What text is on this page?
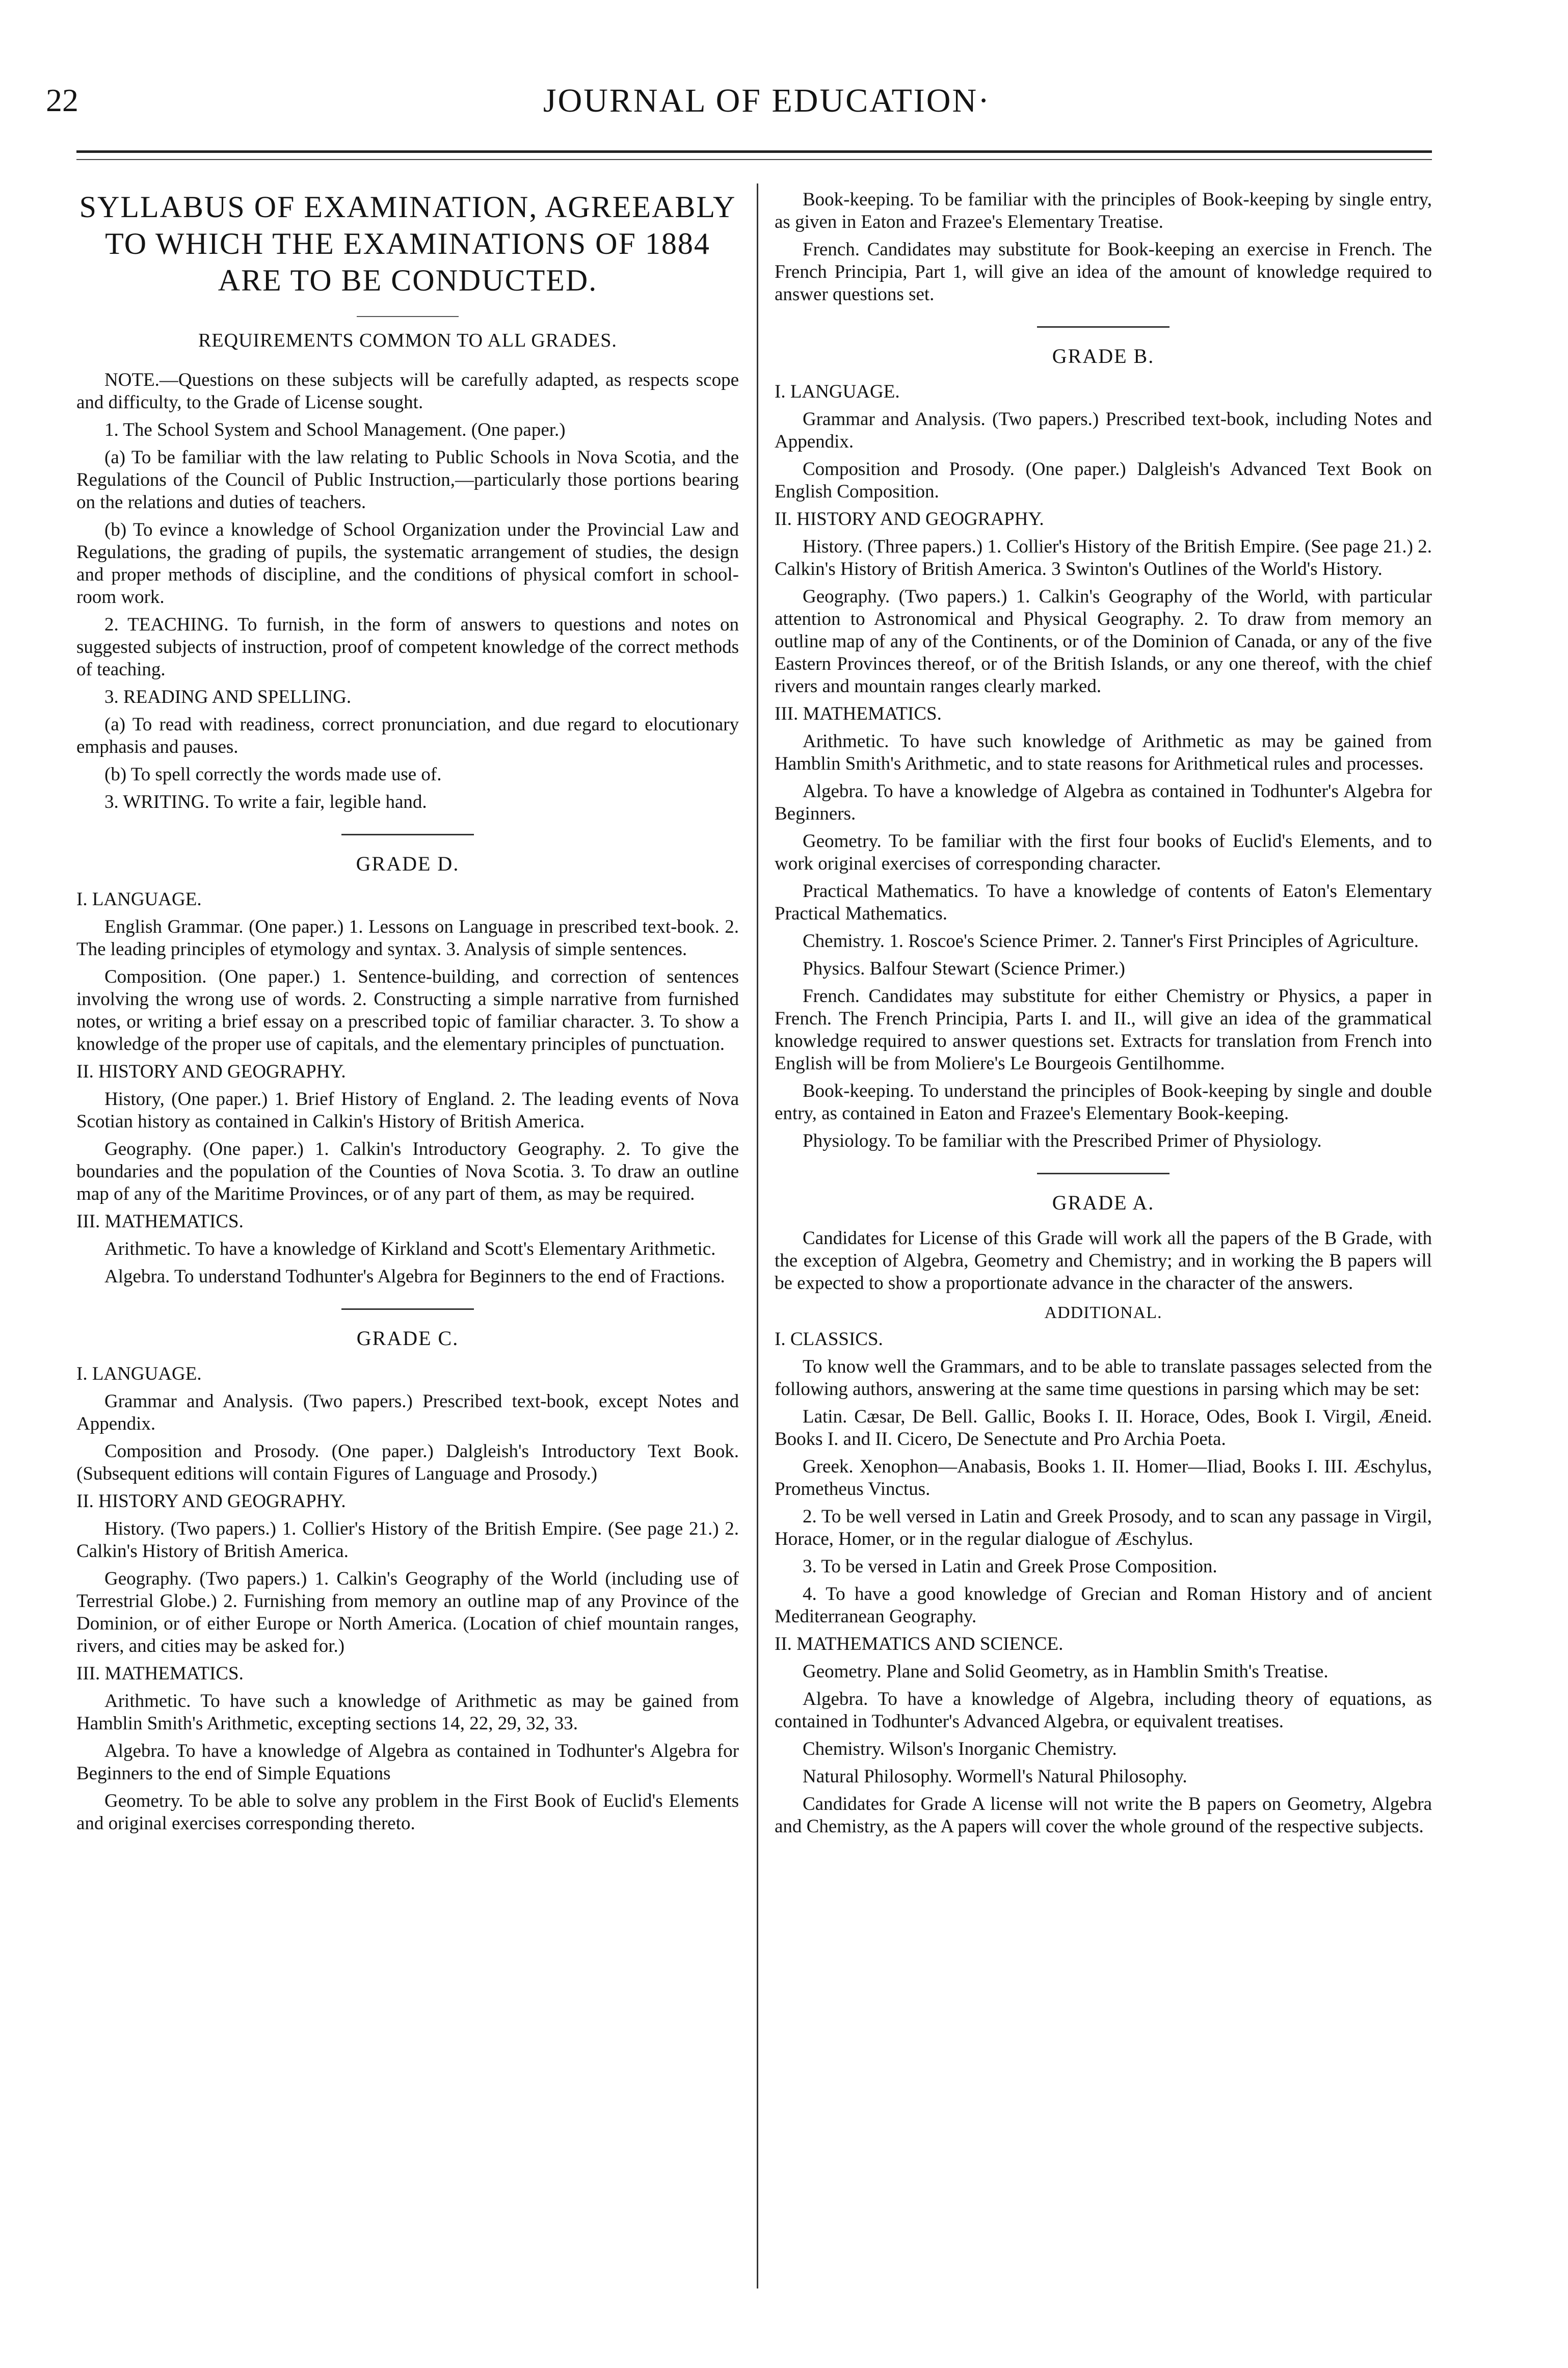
22	JOURNAL OF EDUCATION·
SYLLABUS OF EXAMINATION, AGREEABLY TO WHICH THE EXAMINATIONS OF 1884 ARE TO BE CONDUCTED.
REQUIREMENTS COMMON TO ALL GRADES.

NOTE.—Questions on these subjects will be carefully adapted, as respects scope and difficulty, to the Grade of License sought.

1. The School System and School Management. (One paper.)

(a) To be familiar with the law relating to Public Schools in Nova Scotia, and the Regulations of the Council of Public Instruction,—particularly those portions bearing on the relations and duties of teachers.

(b) To evince a knowledge of School Organization under the Provincial Law and Regulations, the grading of pupils, the systematic arrangement of studies, the design and proper methods of discipline, and the conditions of physical comfort in school-room work.

2. TEACHING. To furnish, in the form of answers to questions and notes on suggested subjects of instruction, proof of competent knowledge of the correct methods of teaching.

3. READING AND SPELLING.

(a) To read with readiness, correct pronunciation, and due regard to elocutionary emphasis and pauses.

(b) To spell correctly the words made use of.

3. WRITING. To write a fair, legible hand.

GRADE D.

I. LANGUAGE.

English Grammar. (One paper.) 1. Lessons on Language in prescribed text-book. 2. The leading principles of etymology and syntax. 3. Analysis of simple sentences.

Composition. (One paper.) 1. Sentence-building, and correction of sentences involving the wrong use of words. 2. Constructing a simple narrative from furnished notes, or writing a brief essay on a prescribed topic of familiar character. 3. To show a knowledge of the proper use of capitals, and the elementary principles of punctuation.

II. HISTORY AND GEOGRAPHY.

History, (One paper.) 1. Brief History of England. 2. The leading events of Nova Scotian history as contained in Calkin's History of British America.

Geography. (One paper.) 1. Calkin's Introductory Geography. 2. To give the boundaries and the population of the Counties of Nova Scotia. 3. To draw an outline map of any of the Maritime Provinces, or of any part of them, as may be required.

III. MATHEMATICS.

Arithmetic. To have a knowledge of Kirkland and Scott's Elementary Arithmetic.

Algebra. To understand Todhunter's Algebra for Beginners to the end of Fractions.

GRADE C.

I. LANGUAGE.

Grammar and Analysis. (Two papers.) Prescribed text-book, except Notes and Appendix.

Composition and Prosody. (One paper.) Dalgleish's Introductory Text Book. (Subsequent editions will contain Figures of Language and Prosody.)

II. HISTORY AND GEOGRAPHY.

History. (Two papers.) 1. Collier's History of the British Empire. (See page 21.) 2. Calkin's History of British America.

Geography. (Two papers.) 1. Calkin's Geography of the World (including use of Terrestrial Globe.) 2. Furnishing from memory an outline map of any Province of the Dominion, or of either Europe or North America. (Location of chief mountain ranges, rivers, and cities may be asked for.)

III. MATHEMATICS.

Arithmetic. To have such a knowledge of Arithmetic as may be gained from Hamblin Smith's Arithmetic, excepting sections 14, 22, 29, 32, 33.

Algebra. To have a knowledge of Algebra as contained in Todhunter's Algebra for Beginners to the end of Simple Equations

Geometry. To be able to solve any problem in the First Book of Euclid's Elements and original exercises corresponding thereto.

Book-keeping. To be familiar with the principles of Book-keeping by single entry, as given in Eaton and Frazee's Elementary Treatise.

French. Candidates may substitute for Book-keeping an exercise in French. The French Principia, Part 1, will give an idea of the amount of knowledge required to answer questions set.

GRADE B.

I. LANGUAGE.

Grammar and Analysis. (Two papers.) Prescribed text-book, including Notes and Appendix.

Composition and Prosody. (One paper.) Dalgleish's Advanced Text Book on English Composition.

II. HISTORY AND GEOGRAPHY.

History. (Three papers.) 1. Collier's History of the British Empire. (See page 21.) 2. Calkin's History of British America. 3 Swinton's Outlines of the World's History.

Geography. (Two papers.) 1. Calkin's Geography of the World, with particular attention to Astronomical and Physical Geography. 2. To draw from memory an outline map of any of the Continents, or of the Dominion of Canada, or any of the five Eastern Provinces thereof, or of the British Islands, or any one thereof, with the chief rivers and mountain ranges clearly marked.

III. MATHEMATICS.

Arithmetic. To have such knowledge of Arithmetic as may be gained from Hamblin Smith's Arithmetic, and to state reasons for Arithmetical rules and processes.

Algebra. To have a knowledge of Algebra as contained in Todhunter's Algebra for Beginners.

Geometry. To be familiar with the first four books of Euclid's Elements, and to work original exercises of corresponding character.

Practical Mathematics. To have a knowledge of contents of Eaton's Elementary Practical Mathematics.

Chemistry. 1. Roscoe's Science Primer. 2. Tanner's First Principles of Agriculture.

Physics. Balfour Stewart (Science Primer.)

French. Candidates may substitute for either Chemistry or Physics, a paper in French. The French Principia, Parts I. and II., will give an idea of the grammatical knowledge required to answer questions set. Extracts for translation from French into English will be from Moliere's Le Bourgeois Gentilhomme.

Book-keeping. To understand the principles of Book-keeping by single and double entry, as contained in Eaton and Frazee's Elementary Book-keeping.

Physiology. To be familiar with the Prescribed Primer of Physiology.

GRADE A.

Candidates for License of this Grade will work all the papers of the B Grade, with the exception of Algebra, Geometry and Chemistry; and in working the B papers will be expected to show a proportionate advance in the character of the answers.

ADDITIONAL.

I. CLASSICS.

To know well the Grammars, and to be able to translate passages selected from the following authors, answering at the same time questions in parsing which may be set:

Latin. Cæsar, De Bell. Gallic, Books I. II. Horace, Odes, Book I. Virgil, Æneid. Books I. and II. Cicero, De Senectute and Pro Archia Poeta.

Greek. Xenophon—Anabasis, Books 1. II. Homer—Iliad, Books I. III. Æschylus, Prometheus Vinctus.

2. To be well versed in Latin and Greek Prosody, and to scan any passage in Virgil, Horace, Homer, or in the regular dialogue of Æschylus.

3. To be versed in Latin and Greek Prose Composition.

4. To have a good knowledge of Grecian and Roman History and of ancient Mediterranean Geography.

II. MATHEMATICS AND SCIENCE.

Geometry. Plane and Solid Geometry, as in Hamblin Smith's Treatise.

Algebra. To have a knowledge of Algebra, including theory of equations, as contained in Todhunter's Advanced Algebra, or equivalent treatises.

Chemistry. Wilson's Inorganic Chemistry.

Natural Philosophy. Wormell's Natural Philosophy.

Candidates for Grade A license will not write the B papers on Geometry, Algebra and Chemistry, as the A papers will cover the whole ground of the respective subjects.
